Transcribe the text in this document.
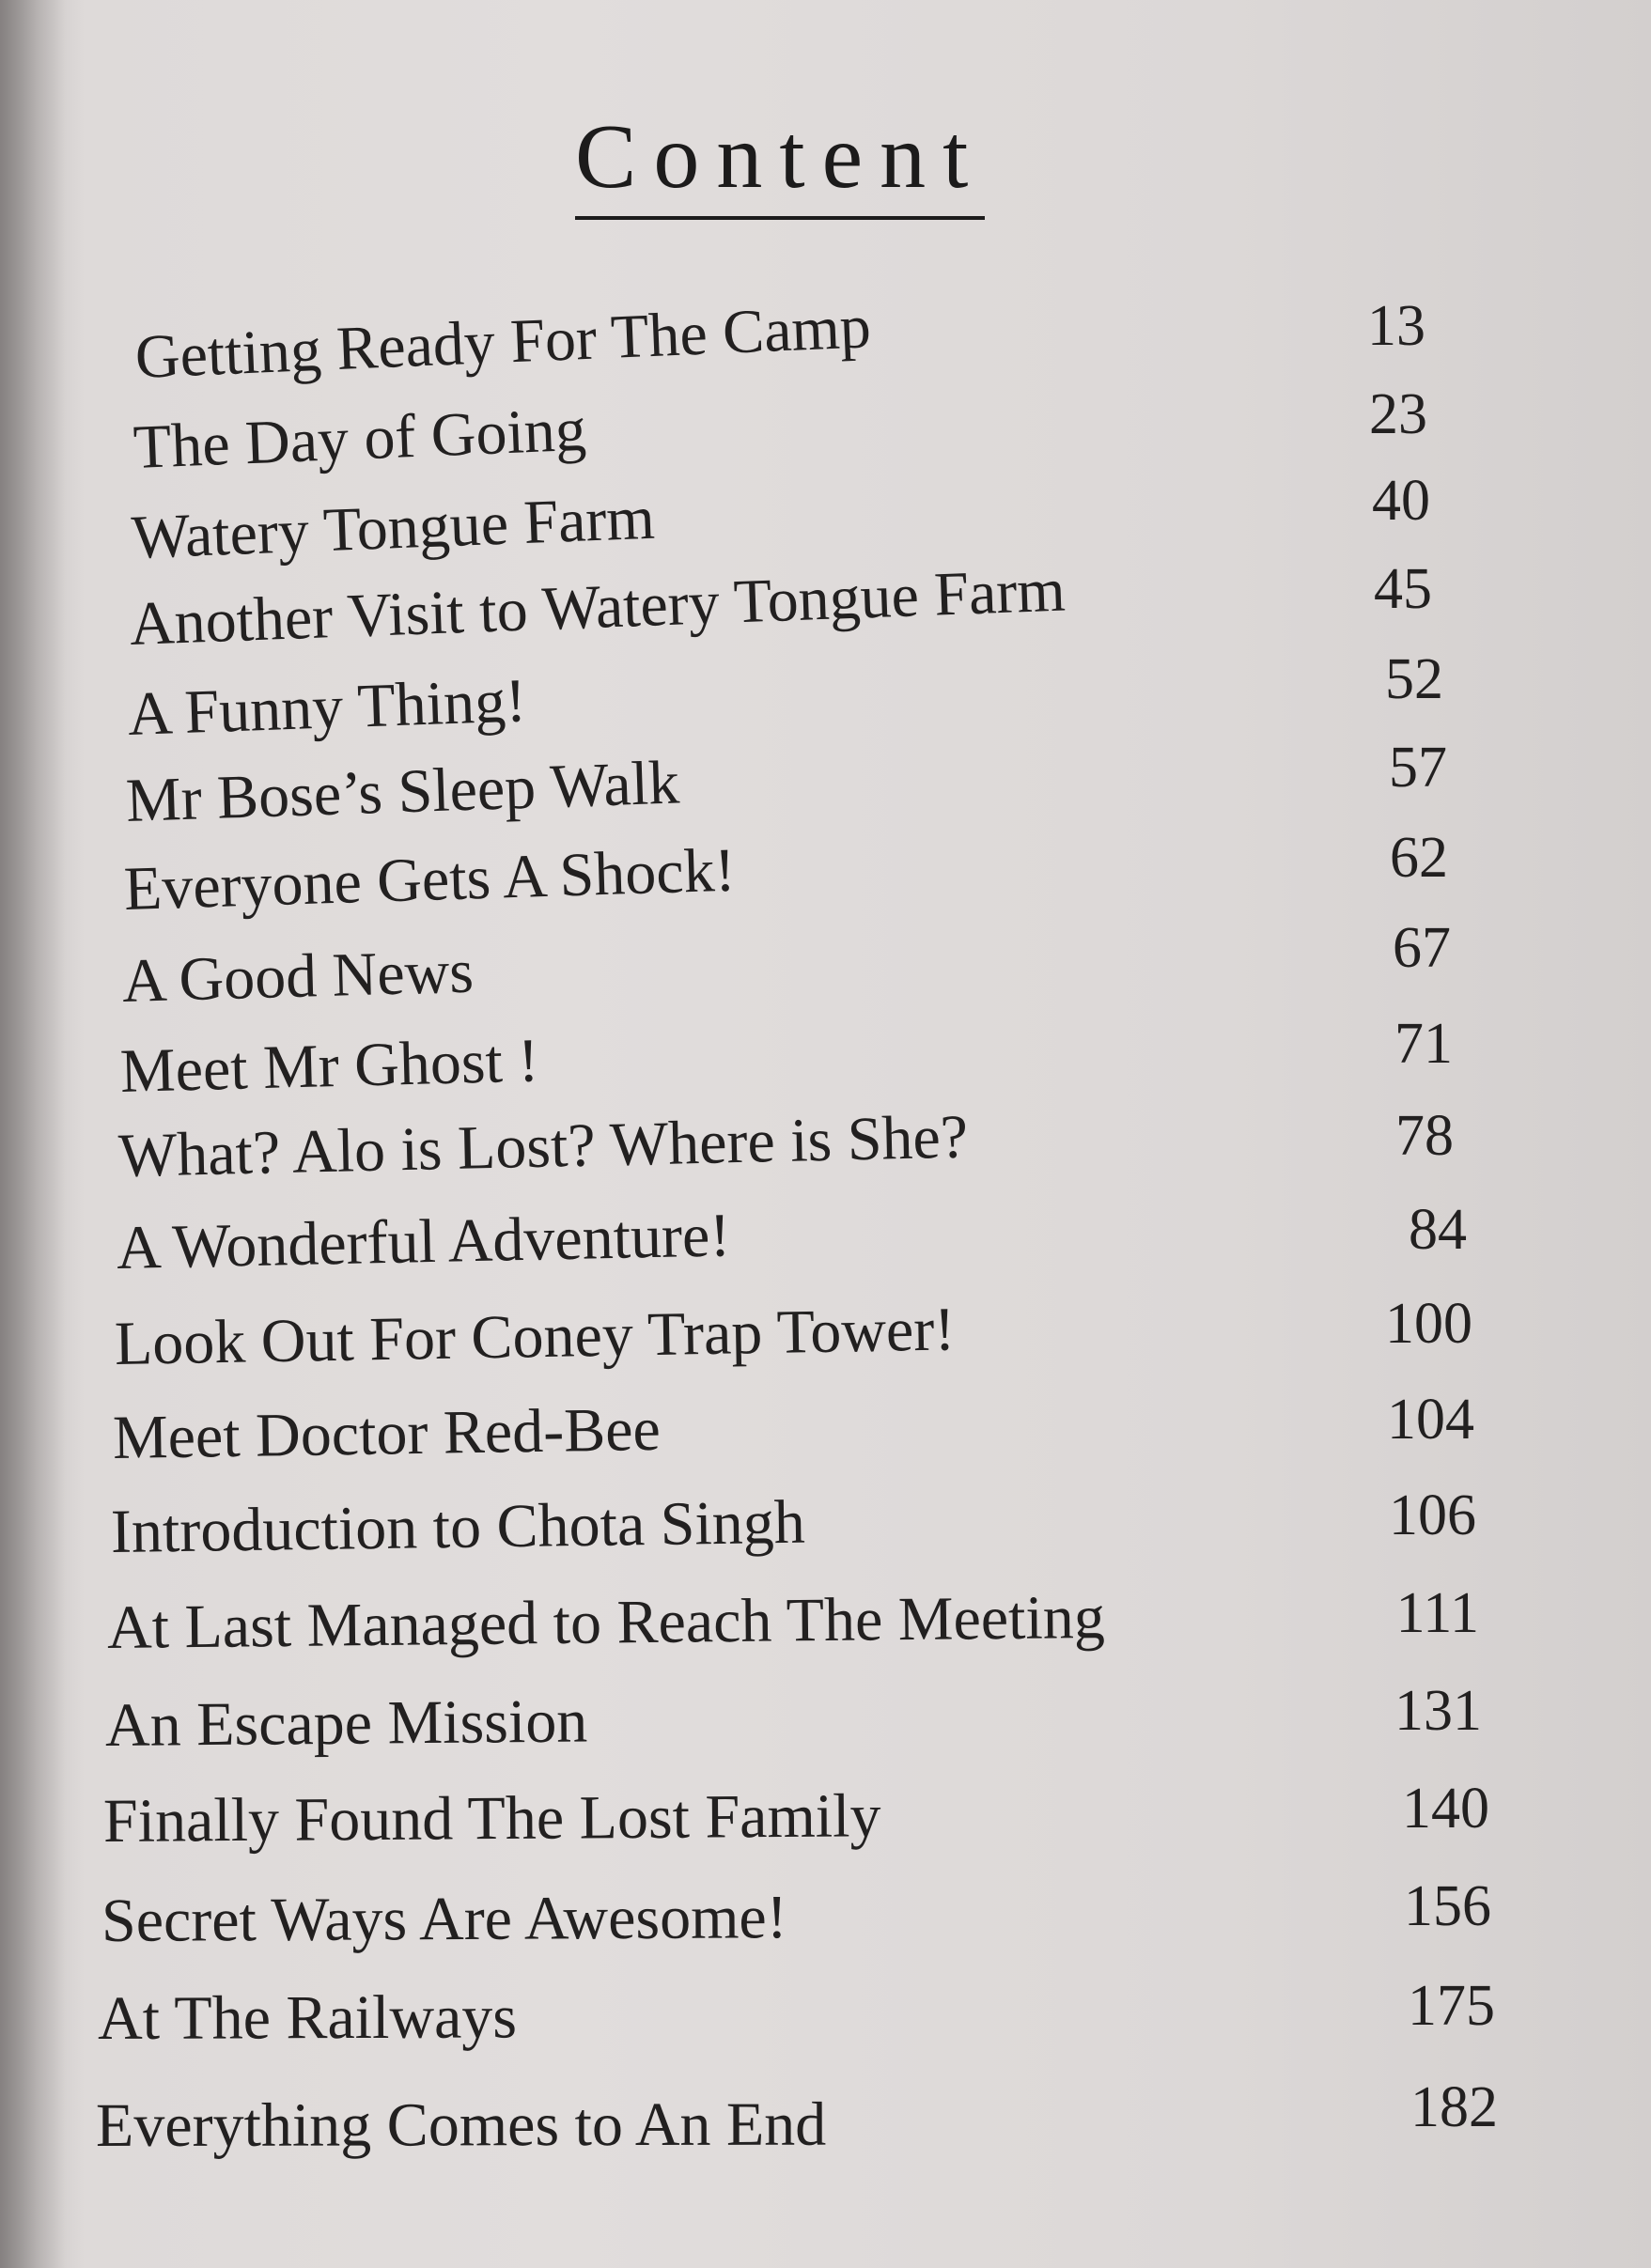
Content
Getting Ready For The Camp	13
The Day of Going	23
Watery Tongue Farm	40
Another Visit to Watery Tongue Farm	45
A Funny Thing!	52
Mr Bose’s Sleep Walk	57
Everyone Gets A Shock!	62
A Good News	67
Meet Mr Ghost !	71
What? Alo is Lost? Where is She?	78
A Wonderful Adventure!	84
Look Out For Coney Trap Tower!	100
Meet Doctor Red-Bee	104
Introduction to Chota Singh	106
At Last Managed to Reach The Meeting	111
An Escape Mission	131
Finally Found The Lost Family	140
Secret Ways Are Awesome!	156
At The Railways	175
Everything Comes to An End	182
